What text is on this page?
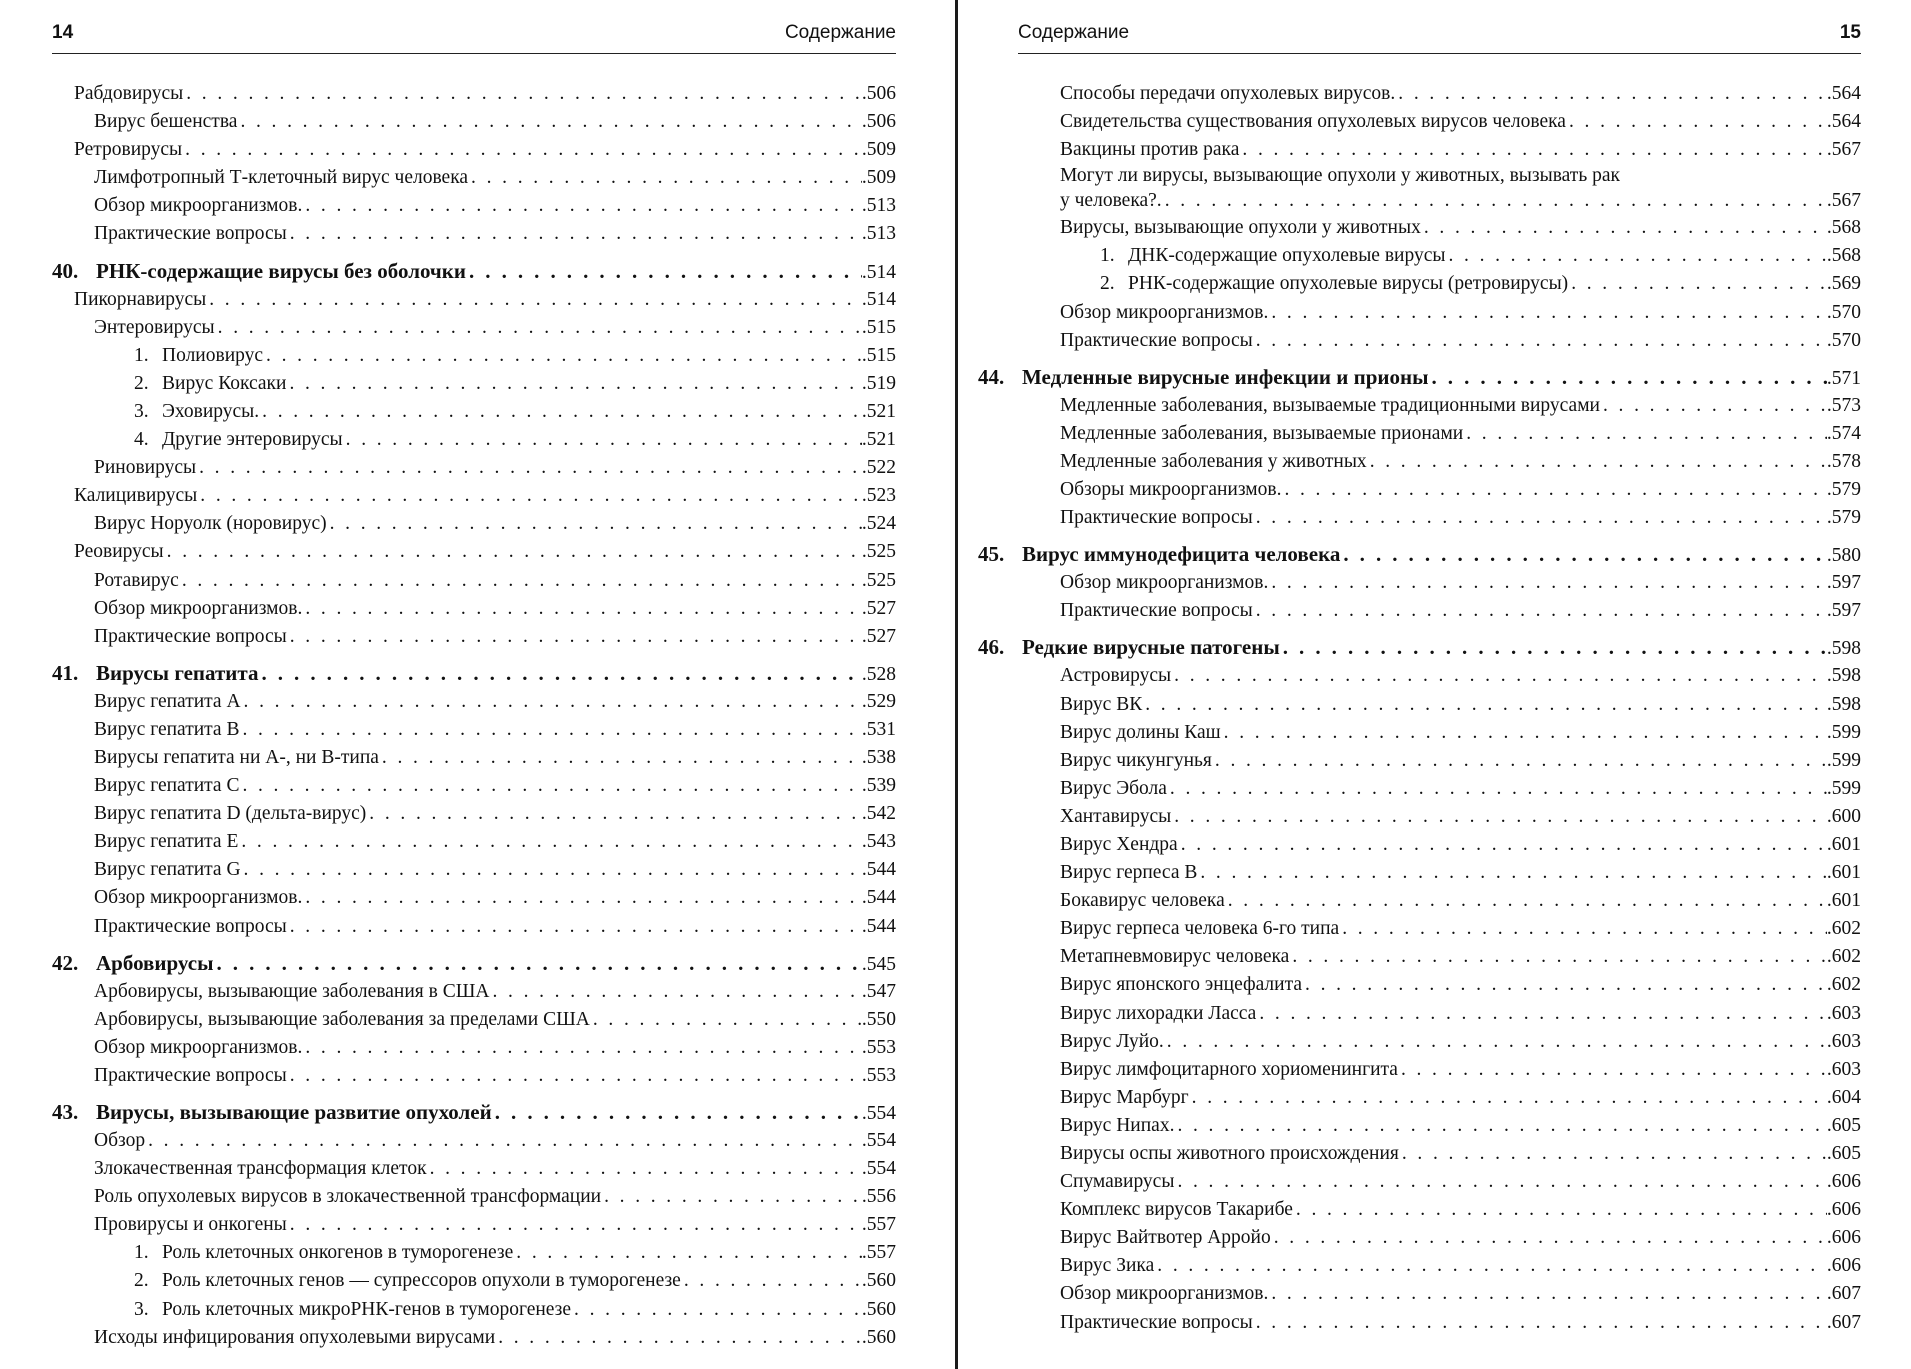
14	Содержание
Рабдовирусы . . .	.506
Вирус бешенства . . .	.506
Ретровирусы . . .	.509
Лимфотропный Т-клеточный вирус человека . . .	.509
Обзор микроорганизмов. . . .	.513
Практические вопросы . . .	.513
40. РНК-содержащие вирусы без оболочки . . .	.514
Пикорнавирусы . . .	.514
Энтеровирусы . . .	.515
1. Полиовирус . . .	.515
2. Вирус Коксаки . . .	.519
3. Эховирусы. . . .	.521
4. Другие энтеровирусы . . .	.521
Риновирусы . . .	.522
Калицивирусы . . .	.523
Вирус Норуолк (норовирус) . . .	.524
Реовирусы . . .	.525
Ротавирус . . .	.525
Обзор микроорганизмов. . . .	.527
Практические вопросы . . .	.527
41. Вирусы гепатита . . .	.528
Вирус гепатита A . . .	.529
Вирус гепатита B . . .	.531
Вирусы гепатита ни А-, ни В-типа . . .	.538
Вирус гепатита C . . .	.539
Вирус гепатита D (дельта-вирус) . . .	.542
Вирус гепатита E . . .	.543
Вирус гепатита G . . .	.544
Обзор микроорганизмов. . . .	.544
Практические вопросы . . .	.544
42. Арбовирусы . . .	.545
Арбовирусы, вызывающие заболевания в США . . .	.547
Арбовирусы, вызывающие заболевания за пределами США . . .	.550
Обзор микроорганизмов. . . .	.553
Практические вопросы . . .	.553
43. Вирусы, вызывающие развитие опухолей . . .	.554
Обзор . . .	.554
Злокачественная трансформация клеток . . .	.554
Роль опухолевых вирусов в злокачественной трансформации . . .	.556
Провирусы и онкогены . . .	.557
1. Роль клеточных онкогенов в туморогенезе . . .	.557
2. Роль клеточных генов — супрессоров опухоли в туморогенезе . . .	.560
3. Роль клеточных микроРНК-генов в туморогенезе . . .	.560
Исходы инфицирования опухолевыми вирусами . . .	.560
Содержание	15
Способы передачи опухолевых вирусов. . . .	.564
Свидетельства существования опухолевых вирусов человека . . .	.564
Вакцины против рака . . .	.567
Могут ли вирусы, вызывающие опухоли у животных, вызывать рак
у человека?. . . .	.567
Вирусы, вызывающие опухоли у животных . . .	.568
1. ДНК-содержащие опухолевые вирусы . . .	.568
2. РНК-содержащие опухолевые вирусы (ретровирусы) . . .	.569
Обзор микроорганизмов. . . .	.570
Практические вопросы . . .	.570
44. Медленные вирусные инфекции и прионы . . .	.571
Медленные заболевания, вызываемые традиционными вирусами . . .	.573
Медленные заболевания, вызываемые прионами . . .	.574
Медленные заболевания у животных . . .	.578
Обзоры микроорганизмов. . . .	.579
Практические вопросы . . .	.579
45. Вирус иммунодефицита человека . . .	.580
Обзор микроорганизмов. . . .	.597
Практические вопросы . . .	.597
46. Редкие вирусные патогены . . .	.598
Астровирусы . . .	.598
Вирус ВК . . .	.598
Вирус долины Каш . . .	.599
Вирус чикунгунья . . .	.599
Вирус Эбола . . .	.599
Хантавирусы . . .	.600
Вирус Хендра . . .	.601
Вирус герпеса В . . .	.601
Бокавирус человека . . .	.601
Вирус герпеса человека 6-го типа . . .	.602
Метапневмовирус человека . . .	.602
Вирус японского энцефалита . . .	.602
Вирус лихорадки Ласса . . .	.603
Вирус Луйо. . . .	.603
Вирус лимфоцитарного хориоменингита . . .	.603
Вирус Марбург . . .	.604
Вирус Нипах. . . .	.605
Вирусы оспы животного происхождения . . .	.605
Спумавирусы . . .	.606
Комплекс вирусов Такарибе . . .	.606
Вирус Вайтвотер Арройо . . .	.606
Вирус Зика . . .	.606
Обзор микроорганизмов. . . .	.607
Практические вопросы . . .	.607
